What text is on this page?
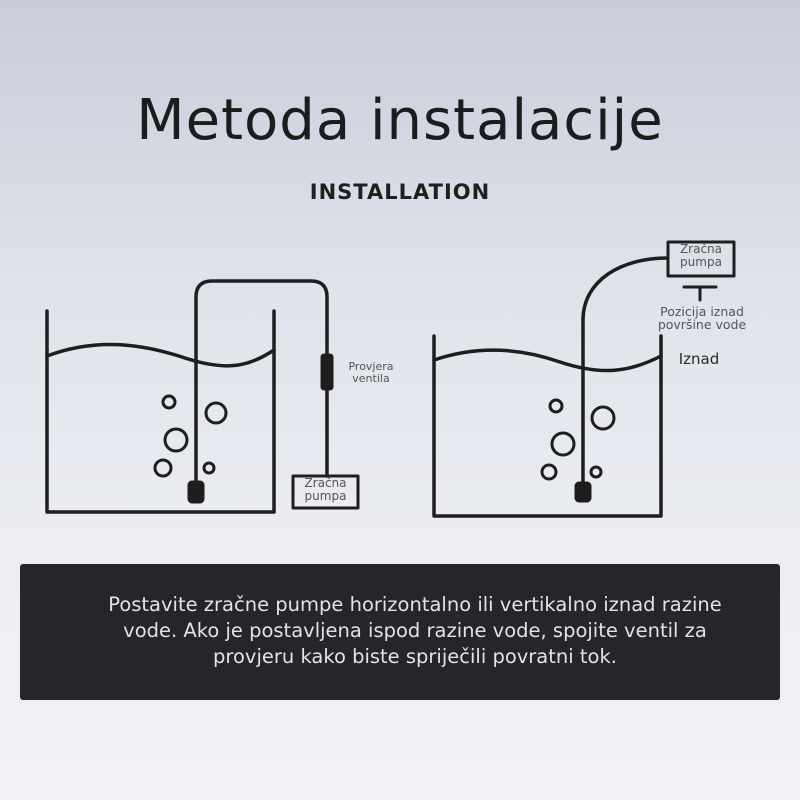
Metoda instalacije
INSTALLATION
Provjera
ventila
Zračna
pumpa
Zračna
pumpa
Pozicija iznad
površine vode
Iznad
Postavite zračne pumpe horizontalno ili vertikalno iznad razine vode. Ako je postavljena ispod razine vode, spojite ventil za provjeru kako biste spriječili povratni tok.
